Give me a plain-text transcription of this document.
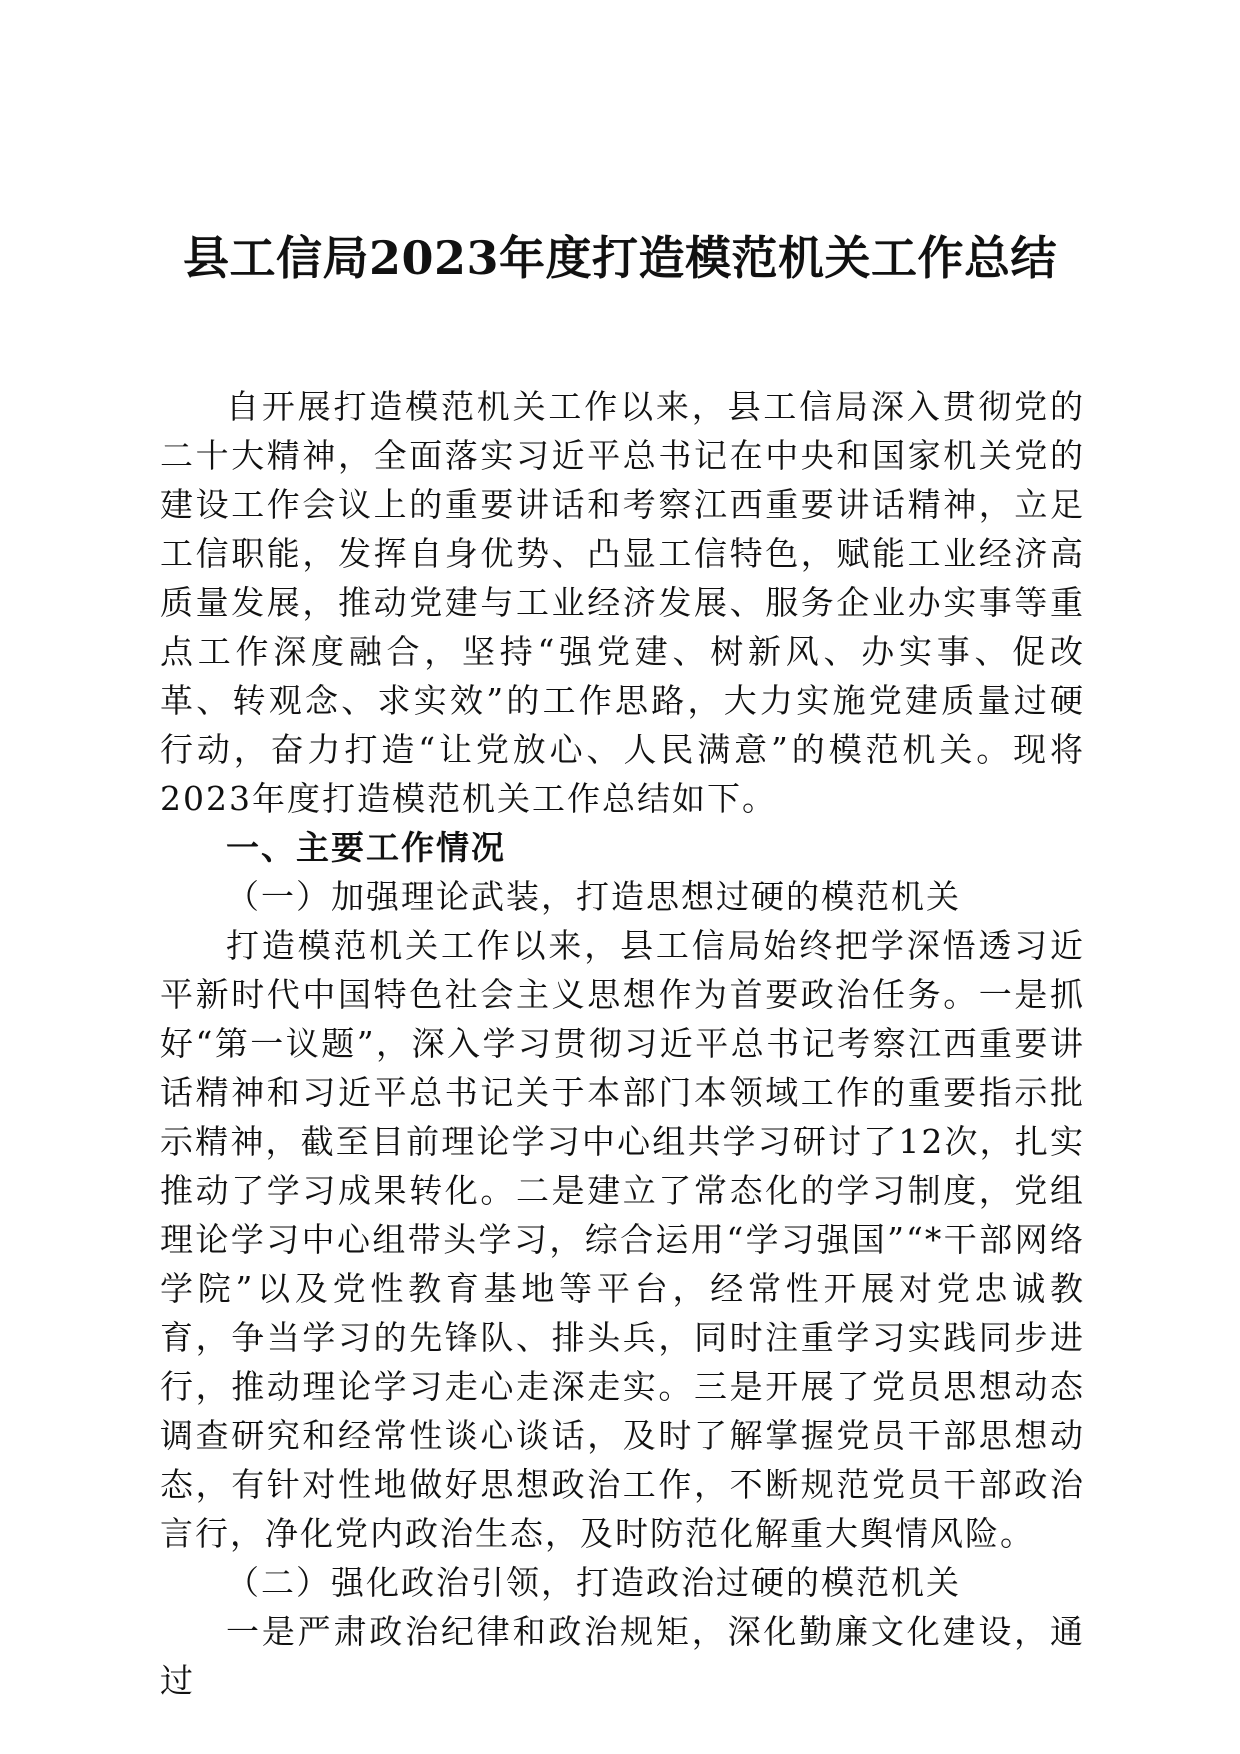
县工信局2023年度打造模范机关工作总结

自开展打造模范机关工作以来，县工信局深入贯彻党的二十大精神，全面落实习近平总书记在中央和国家机关党的建设工作会议上的重要讲话和考察江西重要讲话精神，立足工信职能，发挥自身优势、凸显工信特色，赋能工业经济高质量发展，推动党建与工业经济发展、服务企业办实事等重点工作深度融合，坚持“强党建、树新风、办实事、促改革、转观念、求实效”的工作思路，大力实施党建质量过硬行动，奋力打造“让党放心、人民满意”的模范机关。现将2023年度打造模范机关工作总结如下。

一、主要工作情况

（一）加强理论武装，打造思想过硬的模范机关

打造模范机关工作以来，县工信局始终把学深悟透习近平新时代中国特色社会主义思想作为首要政治任务。一是抓好“第一议题”，深入学习贯彻习近平总书记考察江西重要讲话精神和习近平总书记关于本部门本领域工作的重要指示批示精神，截至目前理论学习中心组共学习研讨了12次，扎实推动了学习成果转化。二是建立了常态化的学习制度，党组理论学习中心组带头学习，综合运用“学习强国”“*干部网络学院”以及党性教育基地等平台，经常性开展对党忠诚教育，争当学习的先锋队、排头兵，同时注重学习实践同步进行，推动理论学习走心走深走实。三是开展了党员思想动态调查研究和经常性谈心谈话，及时了解掌握党员干部思想动态，有针对性地做好思想政治工作，不断规范党员干部政治言行，净化党内政治生态，及时防范化解重大舆情风险。

（二）强化政治引领，打造政治过硬的模范机关

一是严肃政治纪律和政治规矩，深化勤廉文化建设，通过
